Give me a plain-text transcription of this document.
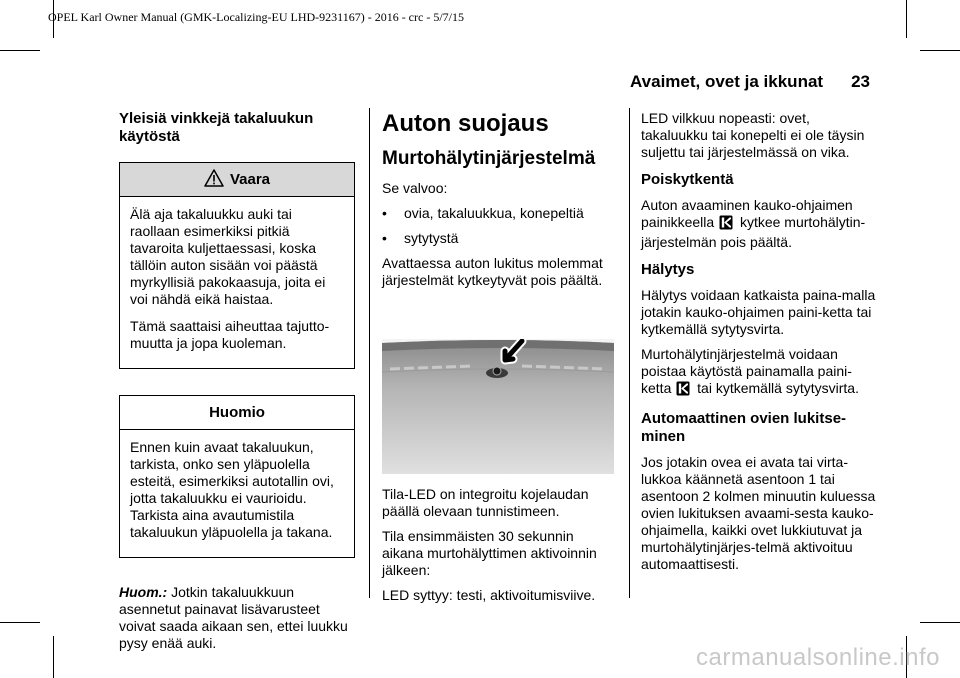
OPEL Karl Owner Manual (GMK-Localizing-EU LHD-9231167) - 2016 - crc - 5/7/15
Avaimet, ovet ja ikkunat 23
Yleisiä vinkkejä takaluukun käytöstä
Vaara

Älä aja takaluukku auki tai raollaan esimerkiksi pitkiä tavaroita kuljettaessasi, koska tällöin auton sisään voi päästä myrkyllisiä pakokaasuja, joita ei voi nähdä eikä haistaa.

Tämä saattaisi aiheuttaa tajutto-muutta ja jopa kuoleman.

Huomio

Ennen kuin avaat takaluukun, tarkista, onko sen yläpuolella esteitä, esimerkiksi autotallin ovi, jotta takaluukku ei vaurioidu. Tarkista aina avautumistila takaluukun yläpuolella ja takana.

Huom.: Jotkin takaluukkuun asennetut painavat lisävarusteet voivat saada aikaan sen, ettei luukku pysy enää auki.

Auton suojaus
Murtohälytinjärjestelmä

Se valvoo:

•	ovia, takaluukkua, konepeltiä
•	sytytystä

Avattaessa auton lukitus molemmat järjestelmät kytkeytyvät pois päältä.

Tila-LED on integroitu kojelaudan päällä olevaan tunnistimeen.

Tila ensimmäisten 30 sekunnin aikana murtohälyttimen aktivoinnin jälkeen:

LED syttyy: testi, aktivoitumisviive.

LED vilkkuu nopeasti: ovet, takaluukku tai konepelti ei ole täysin suljettu tai järjestelmässä on vika.

Poiskytkentä

Auton avaaminen kauko-ohjaimen painikkeella kytkee murtohälytin-järjestelmän pois päältä.

Hälytys

Hälytys voidaan katkaista paina-malla jotakin kauko-ohjaimen paini-ketta tai kytkemällä sytytysvirta.

Murtohälytinjärjestelmä voidaan poistaa käytöstä painamalla paini-ketta tai kytkemällä sytytysvirta.

Automaattinen ovien lukitse-minen

Jos jotakin ovea ei avata tai virta-lukkoa käännetä asentoon 1 tai asentoon 2 kolmen minuutin kuluessa ovien lukituksen avaami-sesta kauko-ohjaimella, kaikki ovet lukkiutuvat ja murtohälytinjärjes-telmä aktivoituu automaattisesti.

carmanualsonline.info
